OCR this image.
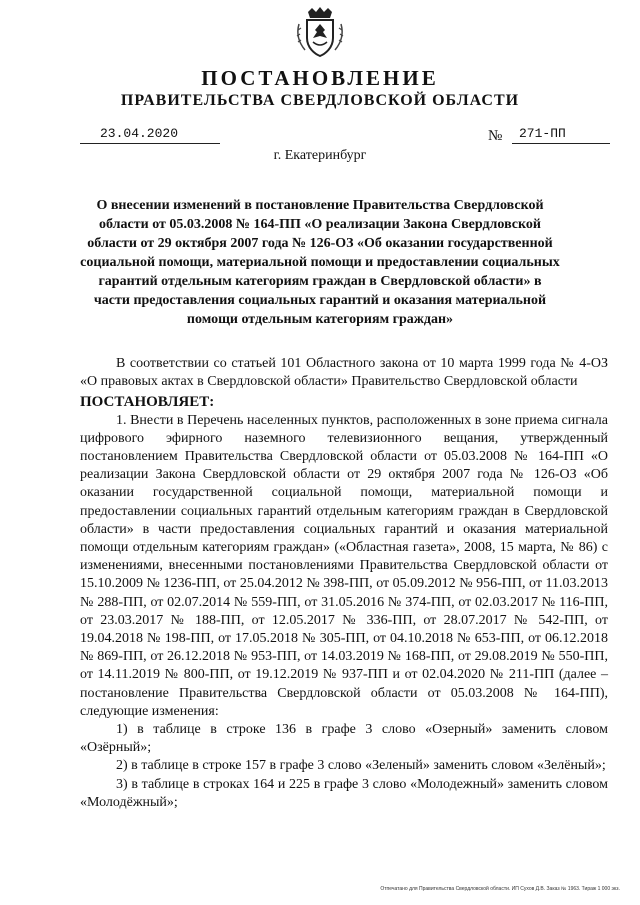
ПОСТАНОВЛЕНИЕ
ПРАВИТЕЛЬСТВА СВЕРДЛОВСКОЙ ОБЛАСТИ
23.04.2020	№ 271-ПП
г. Екатеринбург
О внесении изменений в постановление Правительства Свердловской области от 05.03.2008 № 164-ПП «О реализации Закона Свердловской области от 29 октября 2007 года № 126-ОЗ «Об оказании государственной социальной помощи, материальной помощи и предоставлении социальных гарантий отдельным категориям граждан в Свердловской области» в части предоставления социальных гарантий и оказания материальной помощи отдельным категориям граждан»

В соответствии со статьей 101 Областного закона от 10 марта 1999 года № 4-ОЗ «О правовых актах в Свердловской области» Правительство Свердловской области

ПОСТАНОВЛЯЕТ:

1. Внести в Перечень населенных пунктов, расположенных в зоне приема сигнала цифрового эфирного наземного телевизионного вещания, утвержденный постановлением Правительства Свердловской области от 05.03.2008 № 164-ПП «О реализации Закона Свердловской области от 29 октября 2007 года № 126-ОЗ «Об оказании государственной социальной помощи, материальной помощи и предоставлении социальных гарантий отдельным категориям граждан в Свердловской области» в части предоставления социальных гарантий и оказания материальной помощи отдельным категориям граждан» («Областная газета», 2008, 15 марта, № 86) с изменениями, внесенными постановлениями Правительства Свердловской области от 15.10.2009 № 1236-ПП, от 25.04.2012 № 398-ПП, от 05.09.2012 № 956-ПП, от 11.03.2013 № 288-ПП, от 02.07.2014 № 559-ПП, от 31.05.2016 № 374-ПП, от 02.03.2017 № 116-ПП, от 23.03.2017 № 188-ПП, от 12.05.2017 № 336-ПП, от 28.07.2017 № 542-ПП, от 19.04.2018 № 198-ПП, от 17.05.2018 № 305-ПП, от 04.10.2018 № 653-ПП, от 06.12.2018 № 869-ПП, от 26.12.2018 № 953-ПП, от 14.03.2019 № 168-ПП, от 29.08.2019 № 550-ПП, от 14.11.2019 № 800-ПП, от 19.12.2019 № 937-ПП и от 02.04.2020 № 211-ПП (далее – постановление Правительства Свердловской области от 05.03.2008 № 164-ПП), следующие изменения:

1) в таблице в строке 136 в графе 3 слово «Озерный» заменить словом «Озёрный»;

2) в таблице в строке 157 в графе 3 слово «Зеленый» заменить словом «Зелёный»;

3) в таблице в строках 164 и 225 в графе 3 слово «Молодежный» заменить словом «Молодёжный»;

Отпечатано для Правительства Свердловской области. ИП Сухов Д.В. Заказ № 1963. Тираж 1 000 экз.
